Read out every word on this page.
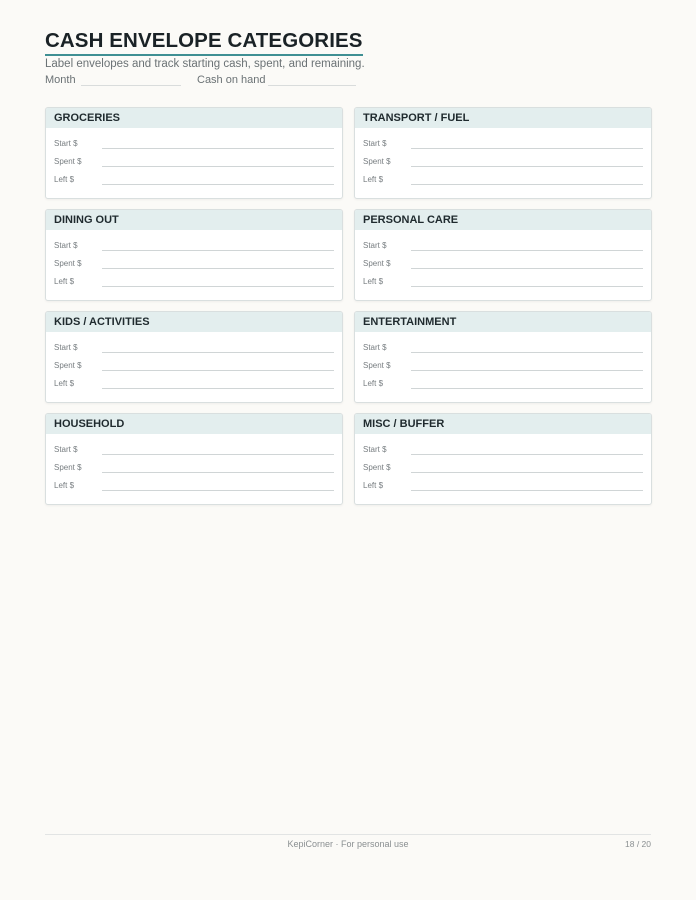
CASH ENVELOPE CATEGORIES
Label envelopes and track starting cash, spent, and remaining.
Month	Cash on hand
GROCERIES
Start $
Spent $
Left $
TRANSPORT / FUEL
Start $
Spent $
Left $
DINING OUT
Start $
Spent $
Left $
PERSONAL CARE
Start $
Spent $
Left $
KIDS / ACTIVITIES
Start $
Spent $
Left $
ENTERTAINMENT
Start $
Spent $
Left $
HOUSEHOLD
Start $
Spent $
Left $
MISC / BUFFER
Start $
Spent $
Left $
KepiCorner · For personal use	18 / 20
